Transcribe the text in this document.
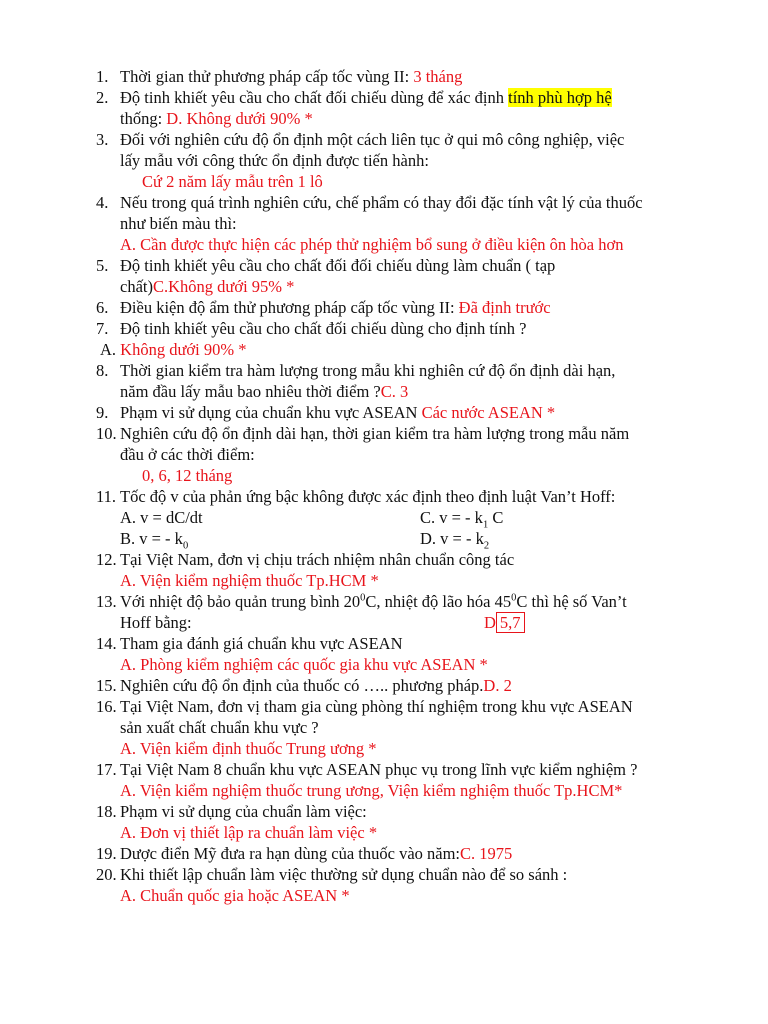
1. Thời gian thử phương pháp cấp tốc vùng II: 3 tháng
2. Độ tinh khiết yêu cầu cho chất đối chiếu dùng để xác định tính phù hợp hệ
thống: D. Không dưới 90% *
3. Đối với nghiên cứu độ ổn định một cách liên tục ở qui mô công nghiệp, việc
lấy mẫu với công thức ổn định được tiến hành:
Cứ 2 năm lấy mẫu trên 1 lô
4. Nếu trong quá trình nghiên cứu, chế phẩm có thay đổi đặc tính vật lý của thuốc
như biến màu thì:
A. Cần được thực hiện các phép thử nghiệm bổ sung ở điều kiện ôn hòa hơn
5. Độ tinh khiết yêu cầu cho chất đối đối chiếu dùng làm chuẩn ( tạp
chất)C.Không dưới 95% *
6. Điều kiện độ ẩm thử phương pháp cấp tốc vùng II: Đã định trước
7. Độ tinh khiết yêu cầu cho chất đối chiếu dùng cho định tính ?
A. Không dưới 90% *
8. Thời gian kiểm tra hàm lượng trong mẫu khi nghiên cứ độ ổn định dài hạn,
năm đầu lấy mẫu bao nhiêu thời điểm ?C. 3
9. Phạm vi sử dụng của chuẩn khu vực ASEAN Các nước ASEAN *
10. Nghiên cứu độ ổn định dài hạn, thời gian kiểm tra hàm lượng trong mẫu năm
đầu ở các thời điểm:
0, 6, 12 tháng
11. Tốc độ v của phản ứng bậc không được xác định theo định luật Van’t Hoff:
A. v = dC/dt	C. v = - $k_1$ C
B. v = - $k_0$	D. v = - $k_2$
12. Tại Việt Nam, đơn vị chịu trách nhiệm nhân chuẩn công tác
A. Viện kiểm nghiệm thuốc Tp.HCM *
13. Với nhiệt độ bảo quản trung bình $20^0C$, nhiệt độ lão hóa $45^0C$ thì hệ số Van’t
Hoff bằng:	D 5,7
14. Tham gia đánh giá chuẩn khu vực ASEAN
A. Phòng kiểm nghiệm các quốc gia khu vực ASEAN *
15. Nghiên cứu độ ổn định của thuốc có ….. phương pháp.D. 2
16. Tại Việt Nam, đơn vị tham gia cùng phòng thí nghiệm trong khu vực ASEAN
sản xuất chất chuẩn khu vực ?
A. Viện kiểm định thuốc Trung ương *
17. Tại Việt Nam 8 chuẩn khu vực ASEAN phục vụ trong lĩnh vực kiểm nghiệm ?
A. Viện kiểm nghiệm thuốc trung ương, Viện kiểm nghiệm thuốc Tp.HCM*
18. Phạm vi sử dụng của chuẩn làm việc:
A. Đơn vị thiết lập ra chuẩn làm việc *
19. Dược điển Mỹ đưa ra hạn dùng của thuốc vào năm:C. 1975
20. Khi thiết lập chuẩn làm việc thường sử dụng chuẩn nào để so sánh :
A. Chuẩn quốc gia hoặc ASEAN *
